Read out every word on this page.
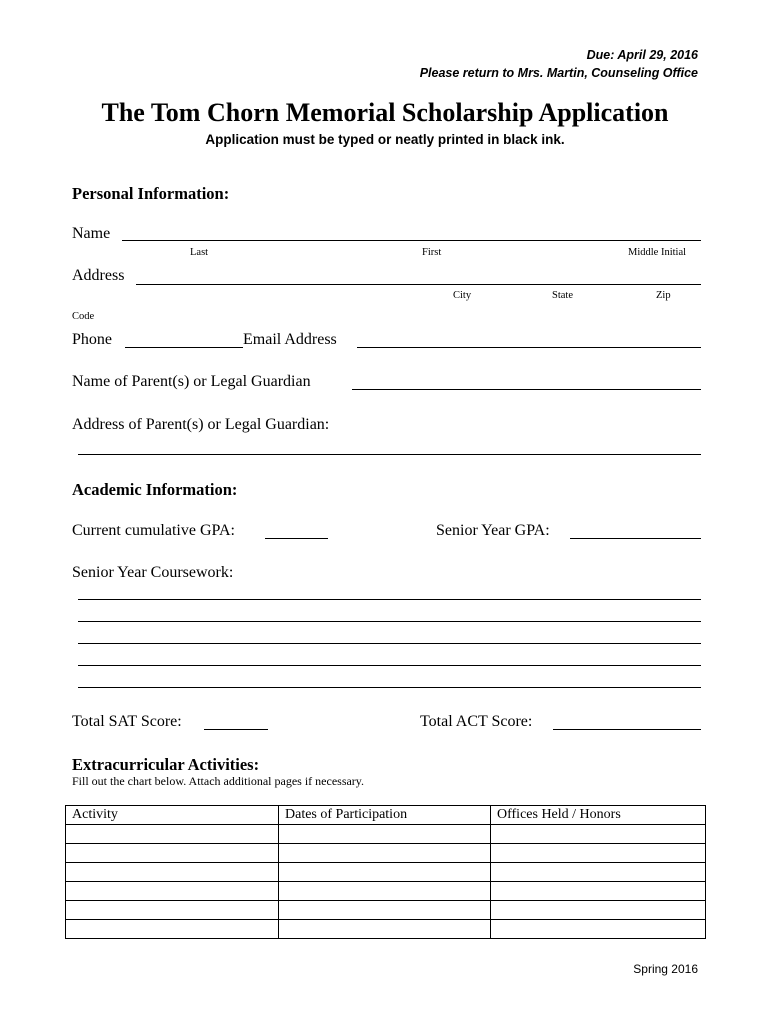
Due: April 29, 2016
Please return to Mrs. Martin, Counseling Office
The Tom Chorn Memorial Scholarship Application
Application must be typed or neatly printed in black ink.
Personal Information:
Name
Last	First	Middle Initial
Address
City	State	Zip
Code
Phone	Email Address
Name of Parent(s) or Legal Guardian
Address of Parent(s) or Legal Guardian:
Academic Information:
Current cumulative GPA:	Senior Year GPA:
Senior Year Coursework:
Total SAT Score:	Total ACT Score:
Extracurricular Activities:
Fill out the chart below. Attach additional pages if necessary.
Activity	Dates of Participation	Offices Held / Honors

Spring 2016
